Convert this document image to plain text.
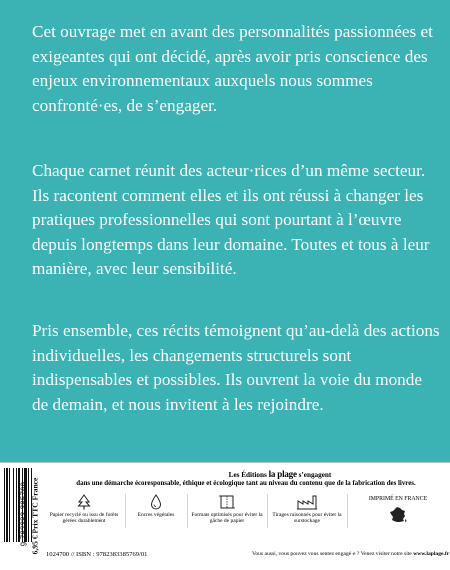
Cet ouvrage met en avant des personnalités passionnées et exigeantes qui ont décidé, après avoir pris conscience des enjeux environnementaux auxquels nous sommes confronté·es, de s’engager.

Chaque carnet réunit des acteur·rices d’un même secteur. Ils racontent comment elles et ils ont réussi à changer les pratiques professionnelles qui sont pourtant à l’œuvre depuis longtemps dans leur domaine. Toutes et tous à leur manière, avec leur sensibilité.

Pris ensemble, ces récits témoignent qu’au-delà des actions individuelles, les changements structurels sont indispensables et possibles. Ils ouvrent la voie du monde de demain, et nous invitent à les rejoindre.

9 782383 385769 6,95 € Prix TTC France
Les Éditions la plage s’engagent
dans une démarche écoresponsable, éthique et écologique tant au niveau du contenu que de la fabrication des livres.
Papier recyclé ou issu de forêts gérées durablement
Encres végétales	Formats optimisés pour éviter la gâche de papier
Tirages raisonnés pour éviter la surstockage
IMPRIMÉ EN FRANCE
1024700 // ISBN : 9782383385769/01	Vous aussi, vous pouvez vous sentez engagé·e ? Venez visiter notre site www.laplage.fr
